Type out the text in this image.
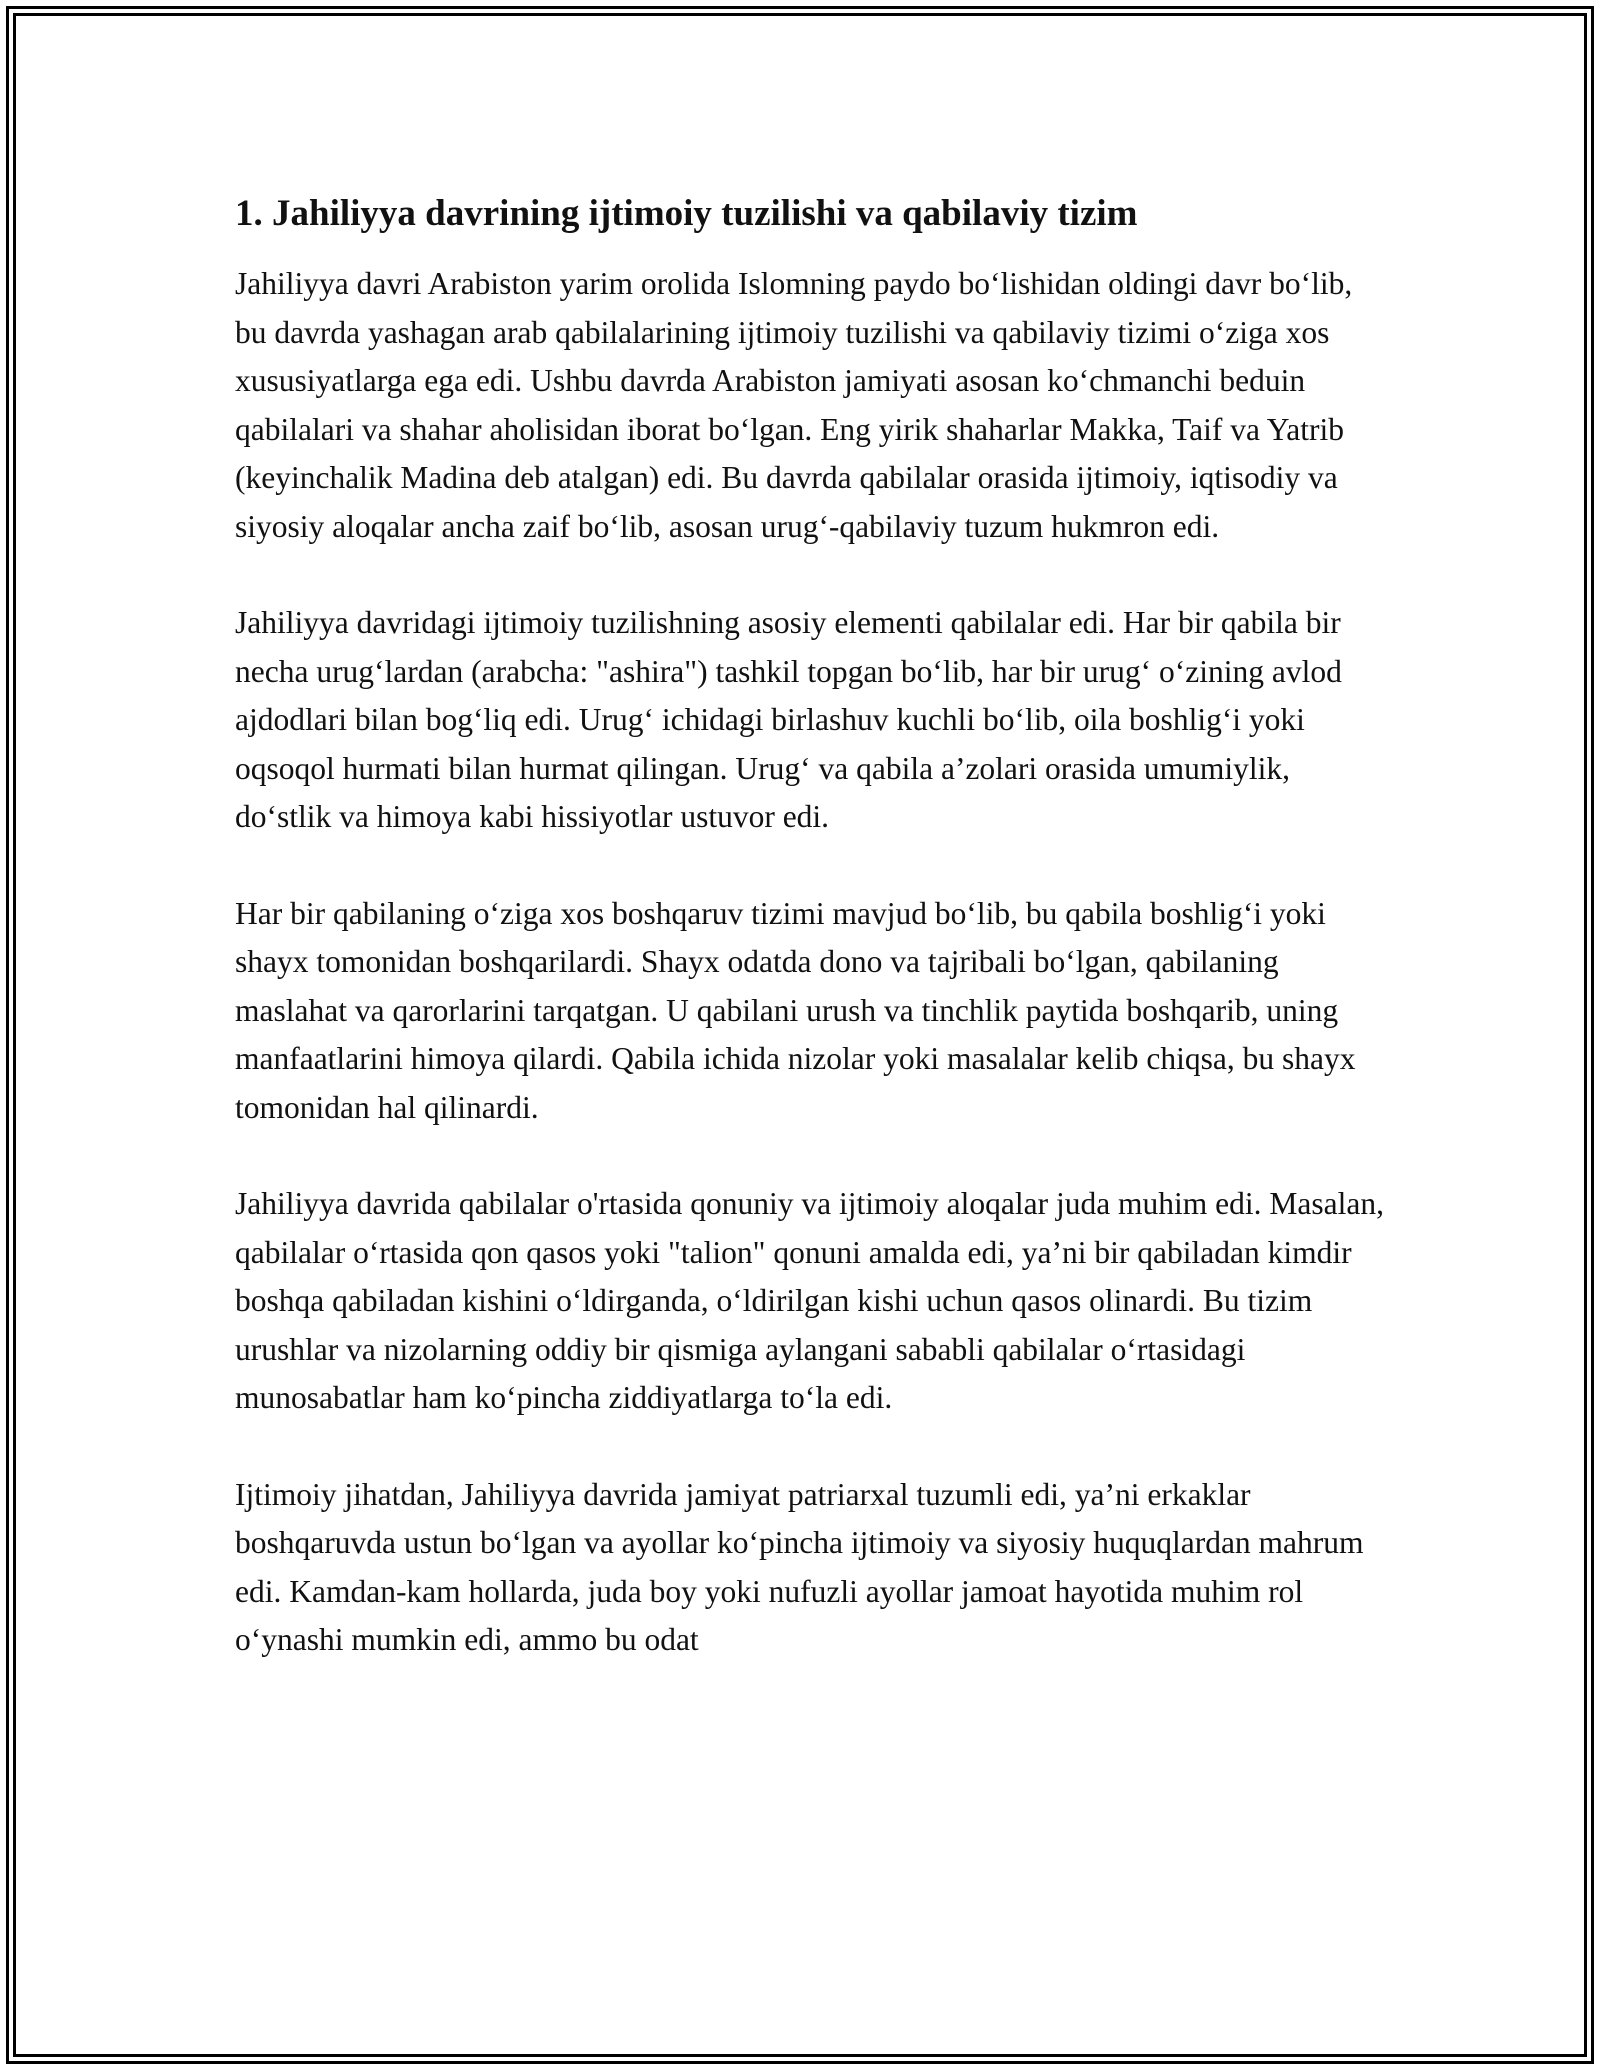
1. Jahiliyya davrining ijtimoiy tuzilishi va qabilaviy tizim

Jahiliyya davri Arabiston yarim orolida Islomning paydo bo‘lishidan oldingi davr bo‘lib, bu davrda yashagan arab qabilalarining ijtimoiy tuzilishi va qabilaviy tizimi o‘ziga xos xususiyatlarga ega edi. Ushbu davrda Arabiston jamiyati asosan ko‘chmanchi beduin qabilalari va shahar aholisidan iborat bo‘lgan. Eng yirik shaharlar Makka, Taif va Yatrib (keyinchalik Madina deb atalgan) edi. Bu davrda qabilalar orasida ijtimoiy, iqtisodiy va siyosiy aloqalar ancha zaif bo‘lib, asosan urug‘-qabilaviy tuzum hukmron edi.

Jahiliyya davridagi ijtimoiy tuzilishning asosiy elementi qabilalar edi. Har bir qabila bir necha urug‘lardan (arabcha: "ashira") tashkil topgan bo‘lib, har bir urug‘ o‘zining avlod ajdodlari bilan bog‘liq edi. Urug‘ ichidagi birlashuv kuchli bo‘lib, oila boshlig‘i yoki oqsoqol hurmati bilan hurmat qilingan. Urug‘ va qabila a’zolari orasida umumiylik, do‘stlik va himoya kabi hissiyotlar ustuvor edi.

Har bir qabilaning o‘ziga xos boshqaruv tizimi mavjud bo‘lib, bu qabila boshlig‘i yoki shayx tomonidan boshqarilardi. Shayx odatda dono va tajribali bo‘lgan, qabilaning maslahat va qarorlarini tarqatgan. U qabilani urush va tinchlik paytida boshqarib, uning manfaatlarini himoya qilardi. Qabila ichida nizolar yoki masalalar kelib chiqsa, bu shayx tomonidan hal qilinardi.

Jahiliyya davrida qabilalar o'rtasida qonuniy va ijtimoiy aloqalar juda muhim edi. Masalan, qabilalar o‘rtasida qon qasos yoki "talion" qonuni amalda edi, ya’ni bir qabiladan kimdir boshqa qabiladan kishini o‘ldirganda, o‘ldirilgan kishi uchun qasos olinardi. Bu tizim urushlar va nizolarning oddiy bir qismiga aylangani sababli qabilalar o‘rtasidagi munosabatlar ham ko‘pincha ziddiyatlarga to‘la edi.

Ijtimoiy jihatdan, Jahiliyya davrida jamiyat patriarxal tuzumli edi, ya’ni erkaklar boshqaruvda ustun bo‘lgan va ayollar ko‘pincha ijtimoiy va siyosiy huquqlardan mahrum edi. Kamdan-kam hollarda, juda boy yoki nufuzli ayollar jamoat hayotida muhim rol o‘ynashi mumkin edi, ammo bu odat
